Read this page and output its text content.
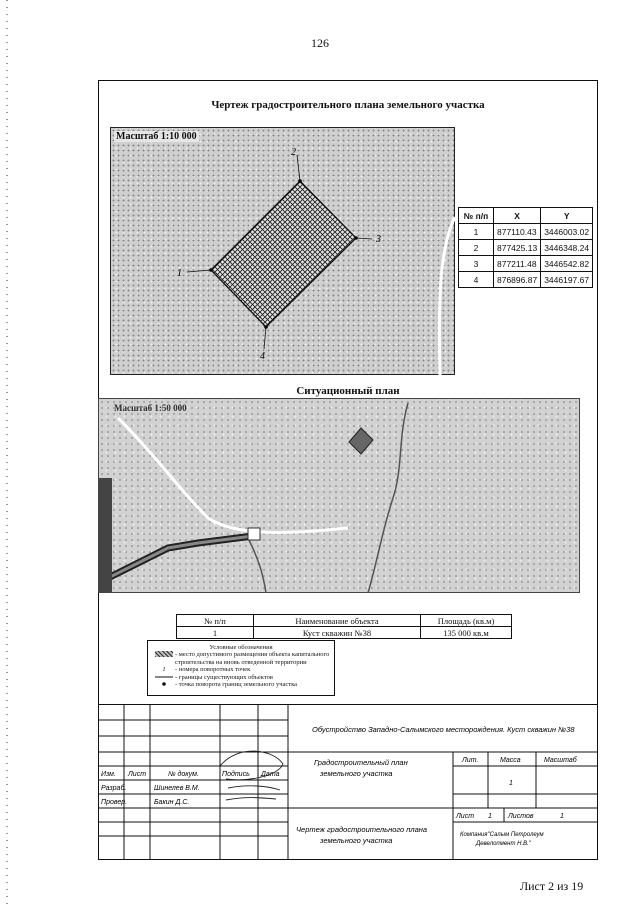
126
Чертеж градостроительного плана земельного участка
Масштаб 1:10 000
1
2
3
4
№ п/п	X	Y
1	877110.43	3446003.02
2	877425.13	3446348.24
3	877211.48	3446542.82
4	876896.87	3446197.67
Ситуационный план
Масштаб 1:50 000
№ п/п	Наименование объекта	Площадь (кв.м)
1	Куст скважин №38	135 000 кв.м
Условные обозначения
- место допустимого размещения объекта капитального строительства на вновь отведенной территории
1	- номера поворотных точек
- границы существующих объектов
- точка поворота границ земельного участка
Обустройство Западно-Салымского месторождения. Куст скважин №38
Изм. Лист	№ докум.	Подпись Дата
Разраб.	Шинелев В.М.
Провер.	Бакин Д.С.
Градостроительный план
земельного участка
Лит.	Масса	Масштаб
1
Лист 1 Листов	1
Чертеж градостроительного плана
земельного участка
Компания"Салым Петролеум
Девелопмент Н.В."
Лист 2 из 19
